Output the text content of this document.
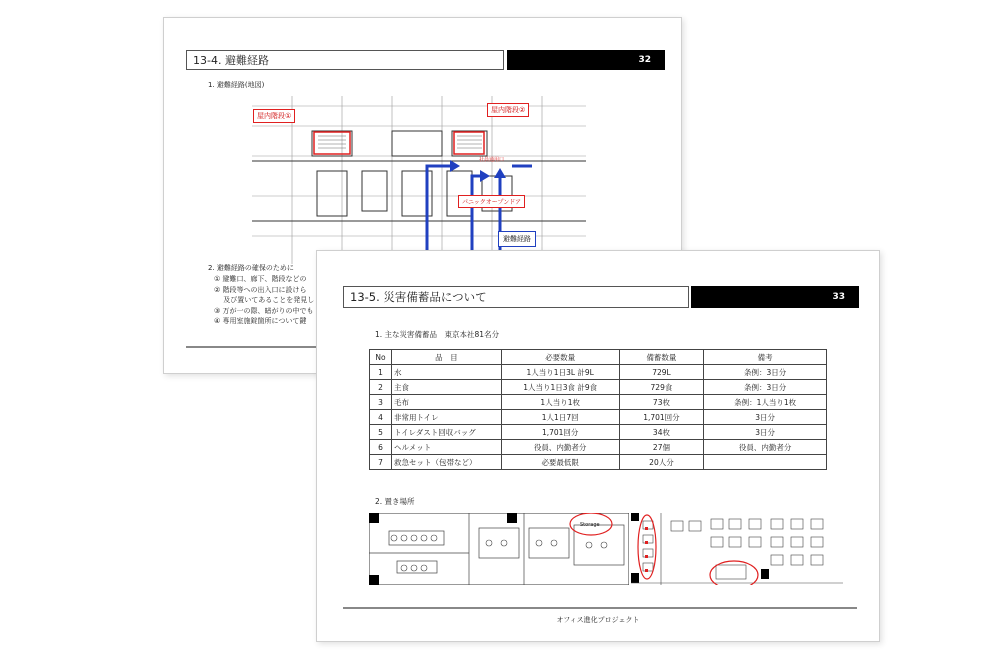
13-4. 避難経路	32
1. 避難経路(地図)
屋内階段①
屋内階段②
社員通用口
パニックオープンドア
避難経路
2. 避難経路の確保のために
① 避難口、廊下、階段などの
② 階段等への出入口に設けら
　 及び置いてあることを発見し
③ 万が一の際、暗がりの中でも
④ 専用室施錠箇所について鍵
13-5. 災害備蓄品について	33
1. 主な災害備蓄品　東京本社81名分
No	品　目	必要数量	備蓄数量	備考
1	水	1人当り1日3L 計9L	729L	条例：3日分
2	主食	1人当り1日3食 計9食	729食	条例：3日分
3	毛布	1人当り1枚	73枚	条例：1人当り1枚
4	非常用トイレ	1人1日7回	1,701回分	3日分
5	トイレダスト回収バッグ	1,701回分	34枚	3日分
6	ヘルメット	役員、内勤者分	27個	役員、内勤者分
7	救急セット（包帯など）	必要最低限	20人分	
2. 置き場所
Storage
オフィス進化プロジェクト
